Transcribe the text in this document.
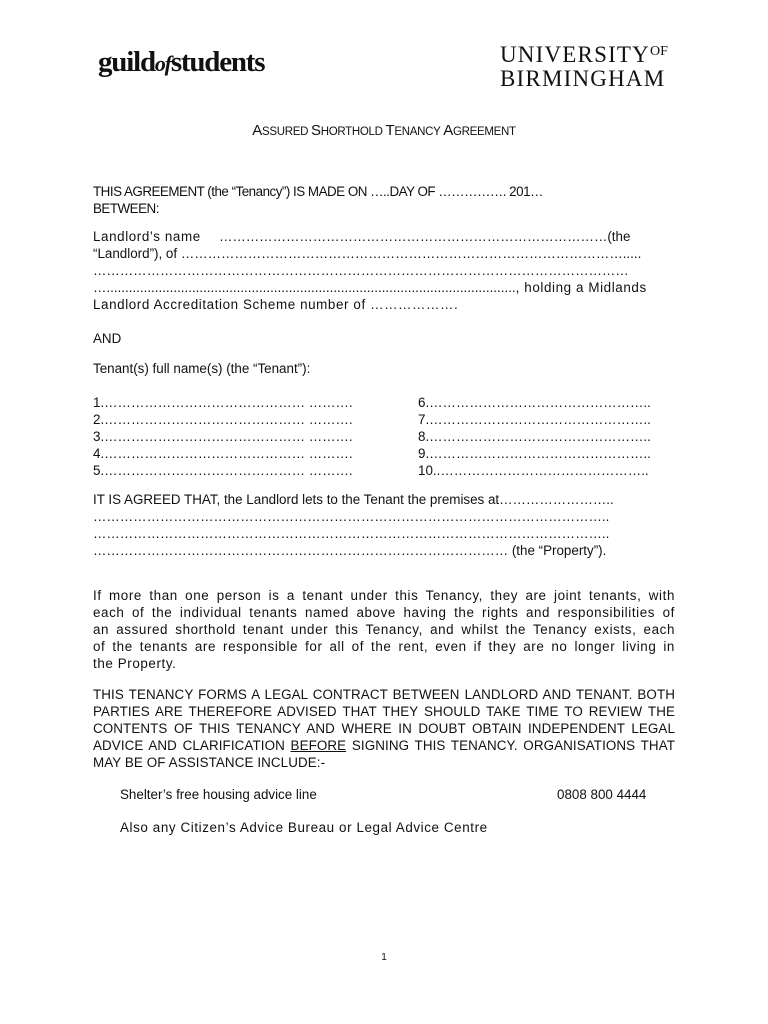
guildofstudents	$UNIVERSITY^{OF}$
BIRMINGHAM
ASSURED SHORTHOLD TENANCY AGREEMENT
THIS AGREEMENT (the “Tenancy”) IS MADE ON …..DAY OF ……………. 201…
BETWEEN:
Landlord’s name ……………………………………………………………………………(the
“Landlord”), of ……………………………………………………………………………………….....
…………………………………………………………………………………………………………
….............................................................................................................., holding a Midlands
Landlord Accreditation Scheme number of ……………….
AND
Tenant(s) full name(s) (the “Tenant”):
1.……………………………………… ……….
2.……………………………………… ……….
3.……………………………………… ……….
4.……………………………………… ……….
5.……………………………………… ……….
6.…………………………………………..
7.…………………………………………..
8.…………………………………………..
9.…………………………………………..
10..………………………………………..
IT IS AGREED THAT, the Landlord lets to the Tenant the premises at……………………..
……………………………………………………………………………………………………..
……………………………………………………………………………………………………..
………………………………………………………………………………… (the “Property”).
If more than one person is a tenant under this Tenancy, they are joint tenants, with
each of the individual tenants named above having the rights and responsibilities of
an assured shorthold tenant under this Tenancy, and whilst the Tenancy exists, each
of the tenants are responsible for all of the rent, even if they are no longer living in
the Property.
THIS TENANCY FORMS A LEGAL CONTRACT BETWEEN LANDLORD AND TENANT. BOTH
PARTIES ARE THEREFORE ADVISED THAT THEY SHOULD TAKE TIME TO REVIEW THE
CONTENTS OF THIS TENANCY AND WHERE IN DOUBT OBTAIN INDEPENDENT LEGAL
ADVICE AND CLARIFICATION BEFORE SIGNING THIS TENANCY. ORGANISATIONS THAT
MAY BE OF ASSISTANCE INCLUDE:-
Shelter’s free housing advice line	0808 800 4444
Also any Citizen’s Advice Bureau or Legal Advice Centre
1
